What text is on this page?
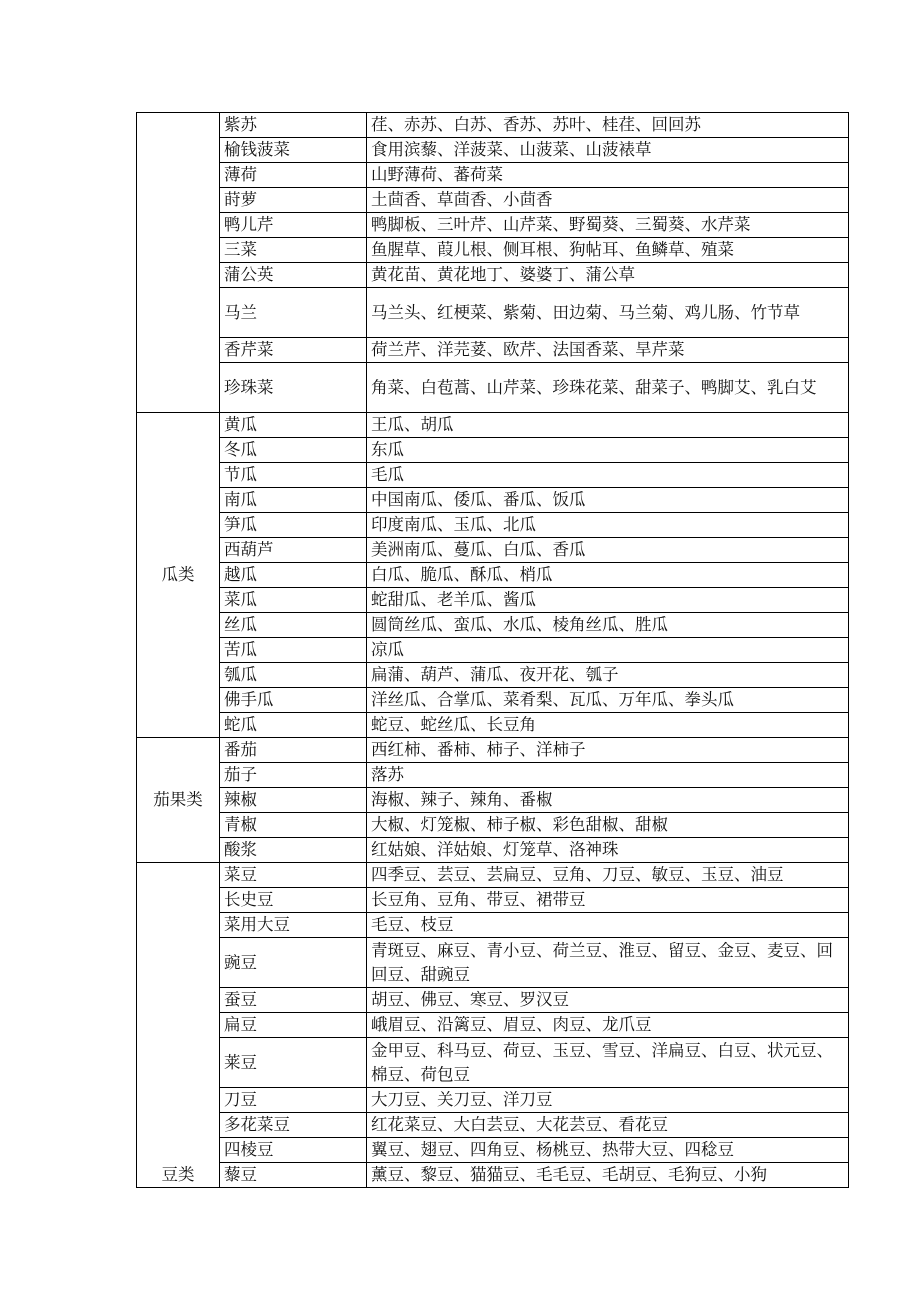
	紫苏	荏、赤苏、白苏、香苏、苏叶、桂荏、回回苏
	榆钱菠菜	食用滨藜、洋菠菜、山菠菜、山菠裱草
	薄荷	山野薄荷、蕃荷菜
	莳萝	土茴香、草茴香、小茴香
	鸭儿芹	鸭脚板、三叶芹、山芹菜、野蜀葵、三蜀葵、水芹菜
	三菜	鱼腥草、葭儿根、侧耳根、狗帖耳、鱼鳞草、殖菜
	蒲公英	黄花苗、黄花地丁、婆婆丁、蒲公草
	马兰	马兰头、红梗菜、紫菊、田边菊、马兰菊、鸡儿肠、竹节草
	香芹菜	荷兰芹、洋芫荽、欧芹、法国香菜、旱芹菜
	珍珠菜	角菜、白苞蒿、山芹菜、珍珠花菜、甜菜子、鸭脚艾、乳白艾
瓜类	黄瓜	王瓜、胡瓜
	冬瓜	东瓜
	节瓜	毛瓜
	南瓜	中国南瓜、倭瓜、番瓜、饭瓜
	笋瓜	印度南瓜、玉瓜、北瓜
	西葫芦	美洲南瓜、蔓瓜、白瓜、香瓜
	越瓜	白瓜、脆瓜、酥瓜、梢瓜
	菜瓜	蛇甜瓜、老羊瓜、酱瓜
	丝瓜	圆筒丝瓜、蛮瓜、水瓜、棱角丝瓜、胜瓜
	苦瓜	凉瓜
	瓠瓜	扁蒲、葫芦、蒲瓜、夜开花、瓠子
	佛手瓜	洋丝瓜、合掌瓜、菜肴梨、瓦瓜、万年瓜、拳头瓜
	蛇瓜	蛇豆、蛇丝瓜、长豆角
茄果类	番茄	西红柿、番柿、柿子、洋柿子
	茄子	落苏
	辣椒	海椒、辣子、辣角、番椒
	青椒	大椒、灯笼椒、柿子椒、彩色甜椒、甜椒
	酸浆	红姑娘、洋姑娘、灯笼草、洛神珠
豆类	菜豆	四季豆、芸豆、芸扁豆、豆角、刀豆、敏豆、玉豆、油豆
	长史豆	长豆角、豆角、带豆、裙带豆
	菜用大豆	毛豆、枝豆
	豌豆	青斑豆、麻豆、青小豆、荷兰豆、淮豆、留豆、金豆、麦豆、回回豆、甜豌豆
	蚕豆	胡豆、佛豆、寒豆、罗汉豆
	扁豆	峨眉豆、沿篱豆、眉豆、肉豆、龙爪豆
	莱豆	金甲豆、科马豆、荷豆、玉豆、雪豆、洋扁豆、白豆、状元豆、棉豆、荷包豆
	刀豆	大刀豆、关刀豆、洋刀豆
	多花菜豆	红花菜豆、大白芸豆、大花芸豆、看花豆
	四棱豆	翼豆、翅豆、四角豆、杨桃豆、热带大豆、四稔豆
	藜豆	薰豆、黎豆、猫猫豆、毛毛豆、毛胡豆、毛狗豆、小狗
